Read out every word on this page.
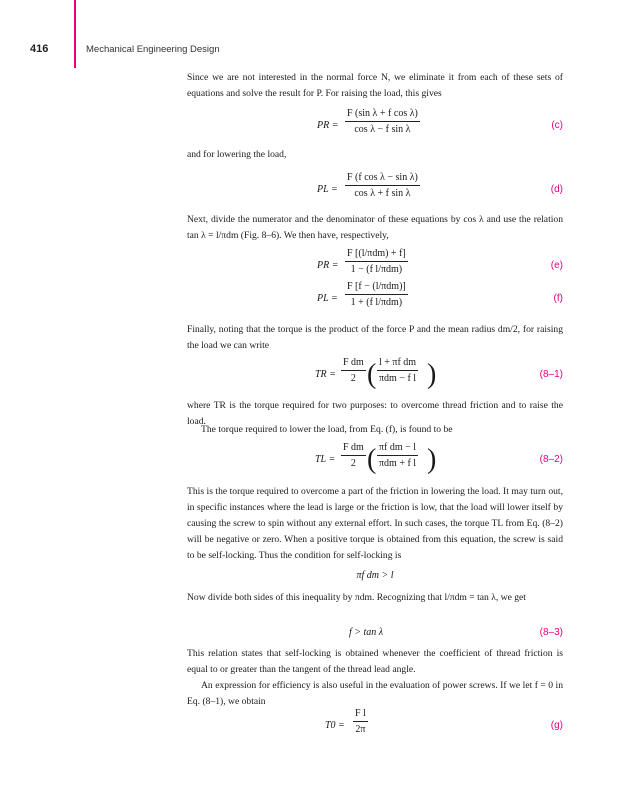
416	Mechanical Engineering Design
Since we are not interested in the normal force N, we eliminate it from each of these sets of equations and solve the result for P. For raising the load, this gives
PR =
F (sin λ + f cos λ)
cos λ − f sin λ	(c)
and for lowering the load,
PL =
F (f cos λ − sin λ)
cos λ + f sin λ	(d)
Next, divide the numerator and the denominator of these equations by cos λ and use the relation tan λ = l/πdm (Fig. 8–6). We then have, respectively,
PR =
F [(l/πdm) + f]
1 − (f l/πdm)	(e)
PL =
F [f − (l/πdm)]
1 + (f l/πdm)	(f)
Finally, noting that the torque is the product of the force P and the mean radius dm/2, for raising the load we can write
TR =
F dm
2 ( l + πf dm
πdm − f l )	(8–1)
where TR is the torque required for two purposes: to overcome thread friction and to raise the load.
The torque required to lower the load, from Eq. (f), is found to be
TL =
F dm
2 ( πf dm − l
πdm + f l )	(8–2)
This is the torque required to overcome a part of the friction in lowering the load. It may turn out, in specific instances where the lead is large or the friction is low, that the load will lower itself by causing the screw to spin without any external effort. In such cases, the torque TL from Eq. (8–2) will be negative or zero. When a positive torque is obtained from this equation, the screw is said to be self-locking. Thus the condition for self-locking is
πf dm > l
Now divide both sides of this inequality by πdm. Recognizing that l/πdm = tan λ, we get
f > tan λ	(8–3)
This relation states that self-locking is obtained whenever the coefficient of thread friction is equal to or greater than the tangent of the thread lead angle.
An expression for efficiency is also useful in the evaluation of power screws. If we let f = 0 in Eq. (8–1), we obtain
T0 =
F l
2π	(g)
